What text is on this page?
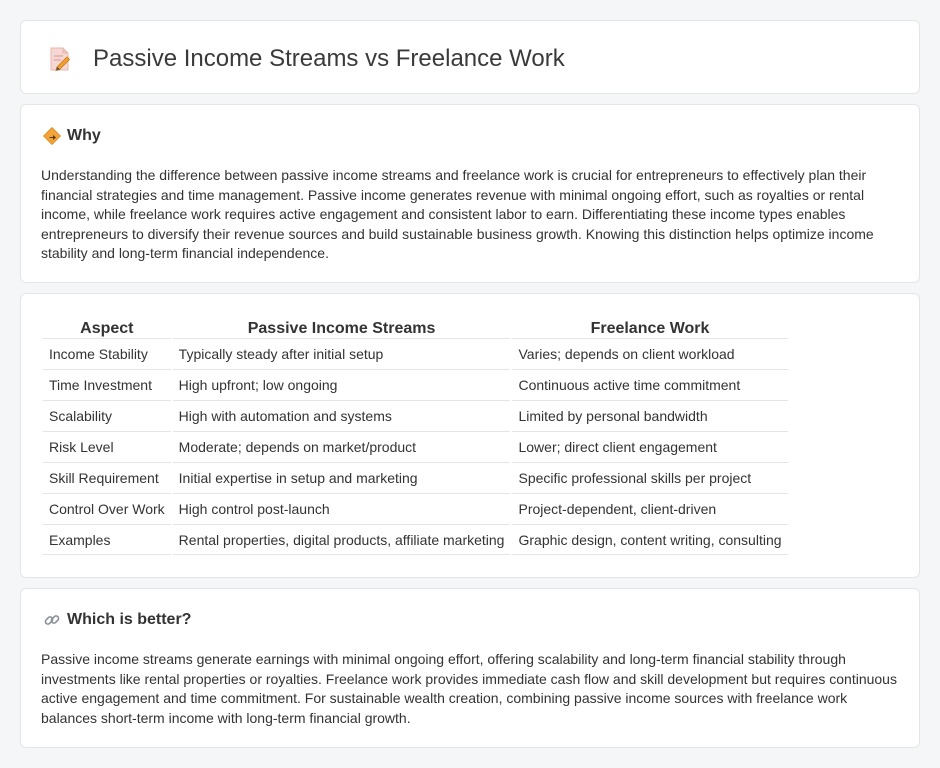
Passive Income Streams vs Freelance Work
Why

Understanding the difference between passive income streams and freelance work is crucial for entrepreneurs to effectively plan their financial strategies and time management. Passive income generates revenue with minimal ongoing effort, such as royalties or rental income, while freelance work requires active engagement and consistent labor to earn. Differentiating these income types enables entrepreneurs to diversify their revenue sources and build sustainable business growth. Knowing this distinction helps optimize income stability and long-term financial independence.

Aspect	Passive Income Streams	Freelance Work
Income Stability	Typically steady after initial setup	Varies; depends on client workload
Time Investment	High upfront; low ongoing	Continuous active time commitment
Scalability	High with automation and systems	Limited by personal bandwidth
Risk Level	Moderate; depends on market/product	Lower; direct client engagement
Skill Requirement	Initial expertise in setup and marketing	Specific professional skills per project
Control Over Work	High control post-launch	Project-dependent, client-driven
Examples	Rental properties, digital products, affiliate marketing	Graphic design, content writing, consulting
Which is better?

Passive income streams generate earnings with minimal ongoing effort, offering scalability and long-term financial stability through investments like rental properties or royalties. Freelance work provides immediate cash flow and skill development but requires continuous active engagement and time commitment. For sustainable wealth creation, combining passive income sources with freelance work balances short-term income with long-term financial growth.
